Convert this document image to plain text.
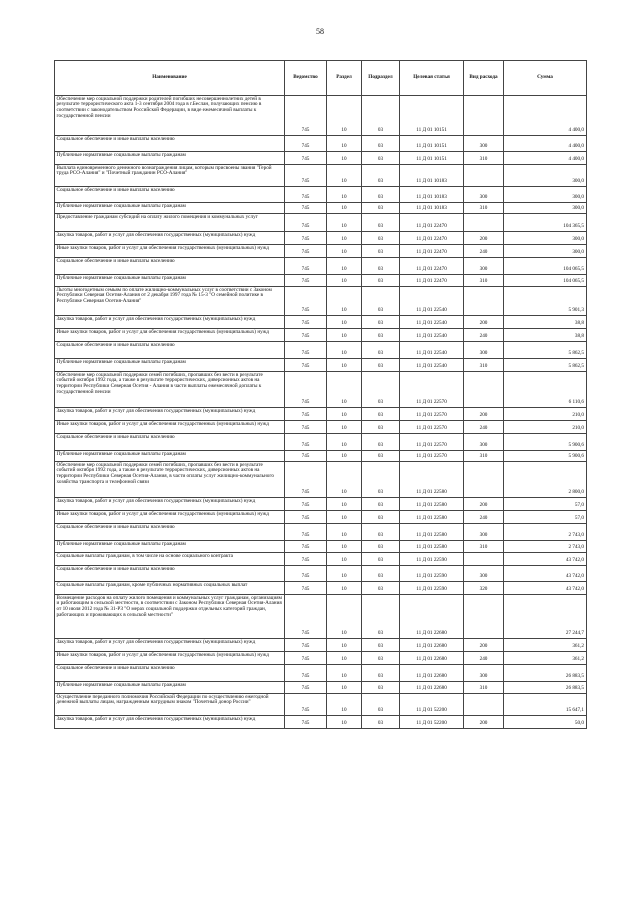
58
Наименование	Ведомство	Раздел	Подраздел	Целевая статья	Вид расхода	Сумма
Обеспечение мер социальной поддержки родителей погибших несовершеннолетних детей в результате террористического акта 1-3 сентября 2004 года в г.Беслан, получающих пенсию в соответствии с законодательством Российской Федерации, в виде ежемесячной выплаты к государственной пенсии	745	10	03	11 Д 01 10151		4 400,0
Социальное обеспечение и иные выплаты населению	745	10	03	11 Д 01 10151	300	4 400,0
Публичные нормативные социальные выплаты гражданам	745	10	03	11 Д 01 10151	310	4 400,0
Выплата единовременного денежного вознаграждения лицам, которым присвоены звания "Герой труда РСО-Алания" и "Почетный гражданин РСО-Алания"	745	10	03	11 Д 01 10183		300,0
Социальное обеспечение и иные выплаты населению	745	10	03	11 Д 01 10183	300	300,0
Публичные нормативные социальные выплаты гражданам	745	10	03	11 Д 01 10183	310	300,0
Предоставление гражданам субсидий на оплату жилого помещения и коммунальных услуг	745	10	03	11 Д 01 22470		104 365,5
Закупка товаров, работ и услуг для обеспечения государственных (муниципальных) нужд	745	10	03	11 Д 01 22470	200	300,0
Иные закупки товаров, работ и услуг для обеспечения государственных (муниципальных) нужд	745	10	03	11 Д 01 22470	240	300,0
Социальное обеспечение и иные выплаты населению	745	10	03	11 Д 01 22470	300	104 065,5
Публичные нормативные социальные выплаты гражданам	745	10	03	11 Д 01 22470	310	104 065,5
Льготы многодетным семьям по оплате жилищно-коммунальных услуг в соответствии с Законом Республики Северная Осетия-Алания от 2 декабря 1997 года № 15-3 "О семейной политике в Республике Северная Осетия-Алания"	745	10	03	11 Д 01 22540		5 901,3
Закупка товаров, работ и услуг для обеспечения государственных (муниципальных) нужд	745	10	03	11 Д 01 22540	200	38,8
Иные закупки товаров, работ и услуг для обеспечения государственных (муниципальных) нужд	745	10	03	11 Д 01 22540	240	38,8
Социальное обеспечение и иные выплаты населению	745	10	03	11 Д 01 22540	300	5 862,5
Публичные нормативные социальные выплаты гражданам	745	10	03	11 Д 01 22540	310	5 862,5
Обеспечение мер социальной поддержки семей погибших, пропавших без вести в результате событий октября 1992 года, а также в результате террористических, диверсионных актов на территории Республики Северная Осетия - Алания в части выплаты ежемесячной доплаты к государственной пенсии	745	10	03	11 Д 01 22570		6 110,6
Закупка товаров, работ и услуг для обеспечения государственных (муниципальных) нужд	745	10	03	11 Д 01 22570	200	210,0
Иные закупки товаров, работ и услуг для обеспечения государственных (муниципальных) нужд	745	10	03	11 Д 01 22570	240	210,0
Социальное обеспечение и иные выплаты населению	745	10	03	11 Д 01 22570	300	5 900,6
Публичные нормативные социальные выплаты гражданам	745	10	03	11 Д 01 22570	310	5 900,6
Обеспечение мер социальной поддержки семей погибших, пропавших без вести в результате событий октября 1992 года, а также в результате террористических, диверсионных актов на территории Республики Северная Осетия-Алания, в части оплаты услуг жилищно-коммунального хозяйства транспорта и телефонной связи	745	10	03	11 Д 01 22580		2 800,0
Закупка товаров, работ и услуг для обеспечения государственных (муниципальных) нужд	745	10	03	11 Д 01 22580	200	57,0
Иные закупки товаров, работ и услуг для обеспечения государственных (муниципальных) нужд	745	10	03	11 Д 01 22580	240	57,0
Социальное обеспечение и иные выплаты населению	745	10	03	11 Д 01 22580	300	2 743,0
Публичные нормативные социальные выплаты гражданам	745	10	03	11 Д 01 22580	310	2 743,0
Социальные выплаты гражданам, в том числе на основе социального контракта	745	10	03	11 Д 01 22590		43 742,0
Социальное обеспечение и иные выплаты населению	745	10	03	11 Д 01 22590	300	43 742,0
Социальные выплаты гражданам, кроме публичных нормативных социальных выплат	745	10	03	11 Д 01 22590	320	43 742,0
Возмещение расходов на оплату жилого помещения и коммунальных услуг гражданам, организациям и работающим в сельской местности, в соответствии с Законом Республики Северная Осетия-Алания от 10 июля 2012 года № 31-РЗ "О мерах социальной поддержки отдельных категорий граждан, работающих и проживающих в сельской местности"	745	10	03	11 Д 01 22680		27 244,7
Закупка товаров, работ и услуг для обеспечения государственных (муниципальных) нужд	745	10	03	11 Д 01 22680	200	361,2
Иные закупки товаров, работ и услуг для обеспечения государственных (муниципальных) нужд	745	10	03	11 Д 01 22680	240	361,2
Социальное обеспечение и иные выплаты населению	745	10	03	11 Д 01 22680	300	26 883,5
Публичные нормативные социальные выплаты гражданам	745	10	03	11 Д 01 22680	310	26 883,5
Осуществление переданного полномочия Российской Федерации по осуществлению ежегодной денежной выплаты лицам, награжденным нагрудным знаком "Почетный донор России"	745	10	03	11 Д 01 52200		15 647,1
Закупка товаров, работ и услуг для обеспечения государственных (муниципальных) нужд	745	10	03	11 Д 01 52200	200	50,0
